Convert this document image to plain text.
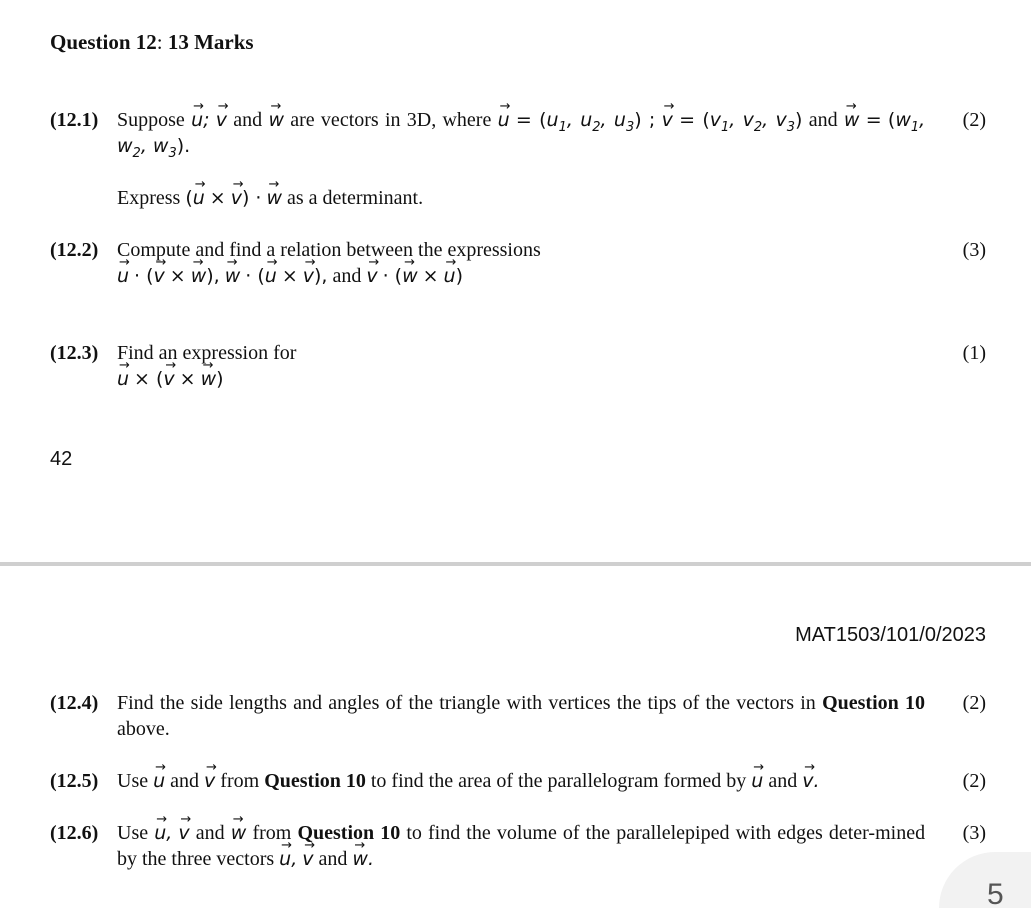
Question 12: 13 Marks
(12.1) Suppose → u; → v and → w are vectors in 3D, where → $u = (u_1$, $u_2$, $u_3$) ; → $v = (v_1$, $v_2$, $v_3$) and → $w = (w_1$, $w_2$, $w_3$).
Express (→ u × → v) · → w as a determinant.
(2)
(12.2) Compute and find a relation between the expressions
→ u · (→ v × → w), → w · (→ u × → v), and → v · (→ w × → u)
(3)
(12.3) Find an expression for
→ u × (→ v × → w)
(1)
42
MAT1503/101/0/2023
(12.4) Find the side lengths and angles of the triangle with vertices the tips of the vectors in Question 10 above.
(2)
(12.5) Use → u and → v from Question 10 to find the area of the parallelogram formed by → u and → v.	(2)
(12.6) Use → u, → v and → w from Question 10 to find the volume of the parallelepiped with edges deter-mined by the three vectors → u, → v and → w.
(3)
5
